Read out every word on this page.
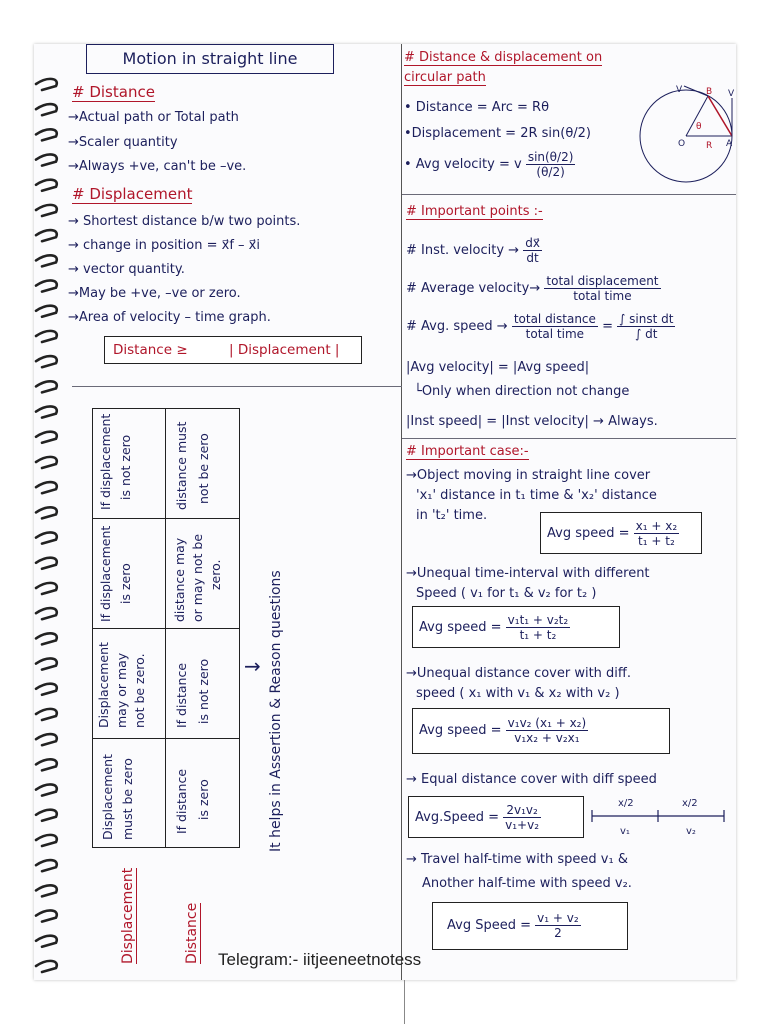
Motion in straight line
# Distance
→Actual path or Total path
→Scaler quantity
→Always +ve, can't be –ve.
# Displacement
→ Shortest distance b/w two points.
→ change in position = x⃗f – x⃗i
→ vector quantity.
→May be +ve, –ve or zero.
→Area of velocity – time graph.
Distance ≥	| Displacement |
If displacement is not zero	distance must not be zero
If displacement is zero	distance may or may not be zero.
Displacement may or may not be zero. If distance is not zero
Displacement must be zero	If distance is zero
Displacement	Distance
→ It helps in Assertion & Reason questions
# Distance & displacement on circular path
• Distance = Arc = Rθ
•Displacement = 2R sin(θ/2)
• Avg velocity = v $\frac{\sin(\theta/2)}{(\theta/2)}$
V	B
O R A
θ
V
# Important points :-
# Inst. velocity → $\frac{dx⃗}{dt}$
# Average velocity→ $\frac{\text{total displacement}}{\text{total time}}$
# Avg. speed → $\frac{\text{total distance}}{\text{total time}} = \frac{\text{∫ sinst dt}}{\int dt}$
|Avg velocity| = |Avg speed|
└Only when direction not change
|Inst speed| = |Inst velocity| → Always.
# Important case:-
→Object moving in straight line cover
'x₁' distance in t₁ time & 'x₂' distance
in 't₂' time.
Avg speed = $\frac{\text{x₁ + x₂}}{\text{t₁ + t₂}}$
→Unequal time-interval with different
Speed ( v₁ for t₁ & v₂ for t₂ )
Avg speed = $\frac{\text{v₁t₁ + v₂t₂}}{\text{t₁ + t₂}}$
→Unequal distance cover with diff.
speed ( x₁ with v₁ & x₂ with v₂ )
Avg speed = $\frac{\text{v₁v₂ (x₁ + x₂)}}{\text{v₁x₂ + v₂x₁}}$
→ Equal distance cover with diff speed
Avg.Speed = $\frac{\text{2v₁v₂}}{\text{v₁+v₂}}$	x/2	x/2
v₁	v₂
→ Travel half-time with speed v₁ &
Another half-time with speed v₂.
Avg Speed = $\frac{\text{v₁ + v₂}}{2}$
Telegram:- iitjeeneetnotess
